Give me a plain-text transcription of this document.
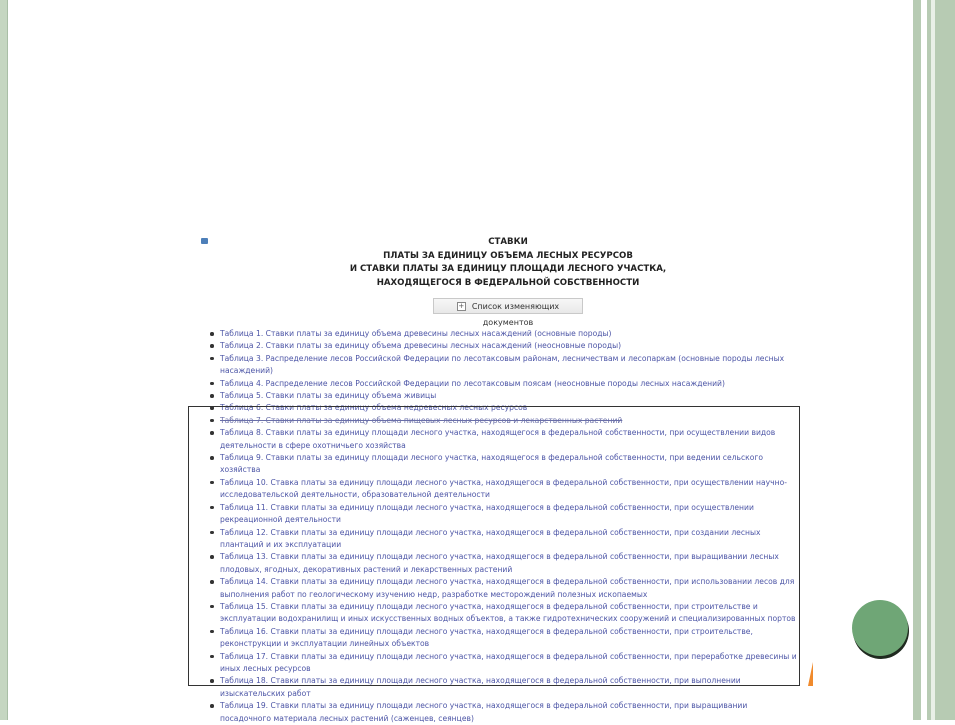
СТАВКИ
ПЛАТЫ ЗА ЕДИНИЦУ ОБЪЕМА ЛЕСНЫХ РЕСУРСОВ
И СТАВКИ ПЛАТЫ ЗА ЕДИНИЦУ ПЛОЩАДИ ЛЕСНОГО УЧАСТКА,
НАХОДЯЩЕГОСЯ В ФЕДЕРАЛЬНОЙ СОБСТВЕННОСТИ
+ Список изменяющих документов
Таблица 1. Ставки платы за единицу объема древесины лесных насаждений (основные породы)
Таблица 2. Ставки платы за единицу объема древесины лесных насаждений (неосновные породы)
Таблица 3. Распределение лесов Российской Федерации по лесотаксовым районам, лесничествам и лесопаркам (основные породы лесных насаждений)
Таблица 4. Распределение лесов Российской Федерации по лесотаксовым поясам (неосновные породы лесных насаждений)
Таблица 5. Ставки платы за единицу объема живицы
Таблица 6. Ставки платы за единицу объема недревесных лесных ресурсов
Таблица 7. Ставки платы за единицу объема пищевых лесных ресурсов и лекарственных растений
Таблица 8. Ставки платы за единицу площади лесного участка, находящегося в федеральной собственности, при осуществлении видов деятельности в сфере охотничьего хозяйства
Таблица 9. Ставки платы за единицу площади лесного участка, находящегося в федеральной собственности, при ведении сельского хозяйства
Таблица 10. Ставка платы за единицу площади лесного участка, находящегося в федеральной собственности, при осуществлении научно-исследовательской деятельности, образовательной деятельности
Таблица 11. Ставки платы за единицу площади лесного участка, находящегося в федеральной собственности, при осуществлении рекреационной деятельности
Таблица 12. Ставки платы за единицу площади лесного участка, находящегося в федеральной собственности, при создании лесных плантаций и их эксплуатации
Таблица 13. Ставки платы за единицу площади лесного участка, находящегося в федеральной собственности, при выращивании лесных плодовых, ягодных, декоративных растений и лекарственных растений
Таблица 14. Ставки платы за единицу площади лесного участка, находящегося в федеральной собственности, при использовании лесов для выполнения работ по геологическому изучению недр, разработке месторождений полезных ископаемых
Таблица 15. Ставки платы за единицу площади лесного участка, находящегося в федеральной собственности, при строительстве и эксплуатации водохранилищ и иных искусственных водных объектов, а также гидротехнических сооружений и специализированных портов
Таблица 16. Ставки платы за единицу площади лесного участка, находящегося в федеральной собственности, при строительстве, реконструкции и эксплуатации линейных объектов
Таблица 17. Ставки платы за единицу площади лесного участка, находящегося в федеральной собственности, при переработке древесины и иных лесных ресурсов
Таблица 18. Ставки платы за единицу площади лесного участка, находящегося в федеральной собственности, при выполнении изыскательских работ
Таблица 19. Ставки платы за единицу площади лесного участка, находящегося в федеральной собственности, при выращивании посадочного материала лесных растений (саженцев, сеянцев)
